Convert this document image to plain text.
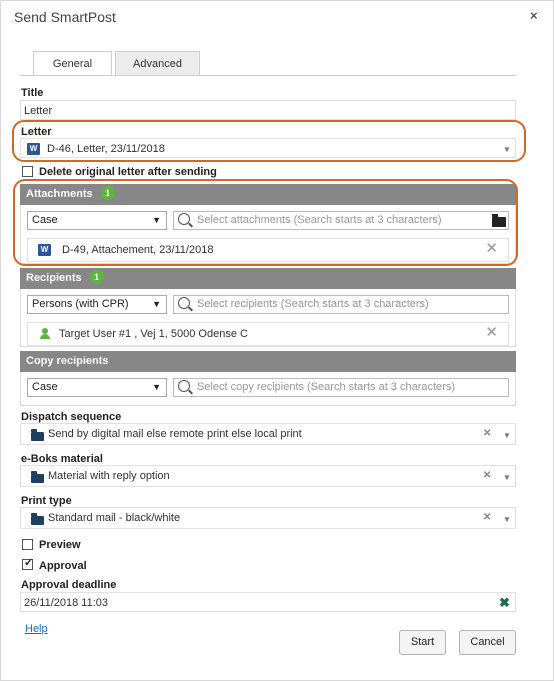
Send SmartPost	×
General	Advanced
Title
Letter
Letter
W D-46, Letter, 23/11/2018	▼
Delete original letter after sending
Attachments 1
Case	▼	Select attachments (Search starts at 3 characters)
W D-49, Attachement, 23/11/2018	✕
Recipients 1
Persons (with CPR)	▼	Select recipients (Search starts at 3 characters)
Target User #1 , Vej 1, 5000 Odense C	✕
Copy recipients
Case	▼	Select copy recipients (Search starts at 3 characters)
Dispatch sequence
Send by digital mail else remote print else local print	✕ ▼
e-Boks material
Material with reply option	✕ ▼
Print type
Standard mail - black/white	✕ ▼
Preview
✓ Approval
Approval deadline
26/11/2018 11:03	✖
Help
Start	Cancel
